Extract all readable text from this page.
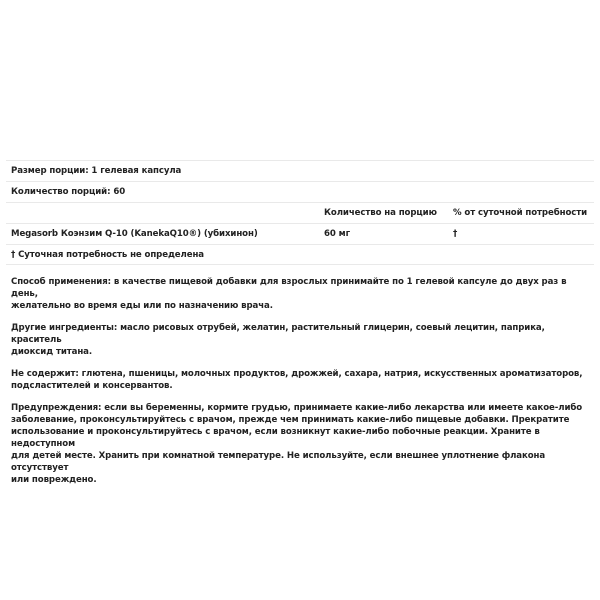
Размер порции: 1 гелевая капсула
Количество порций: 60
Количество на порцию % от суточной потребности
Megasorb Коэнзим Q-10 (KanekaQ10®) (убихинон)	60 мг	†
† Суточная потребность не определена
Способ применения: в качестве пищевой добавки для взрослых принимайте по 1 гелевой капсуле до двух раз в день,
желательно во время еды или по назначению врача.
Другие ингредиенты: масло рисовых отрубей, желатин, растительный глицерин, соевый лецитин, паприка, краситель
диоксид титана.
Не содержит: глютена, пшеницы, молочных продуктов, дрожжей, сахара, натрия, искусственных ароматизаторов,
подсластителей и консервантов.
Предупреждения: если вы беременны, кормите грудью, принимаете какие-либо лекарства или имеете какое-либо
заболевание, проконсультируйтесь с врачом, прежде чем принимать какие-либо пищевые добавки. Прекратите
использование и проконсультируйтесь с врачом, если возникнут какие-либо побочные реакции. Храните в недоступном
для детей месте. Хранить при комнатной температуре. Не используйте, если внешнее уплотнение флакона отсутствует
или повреждено.
